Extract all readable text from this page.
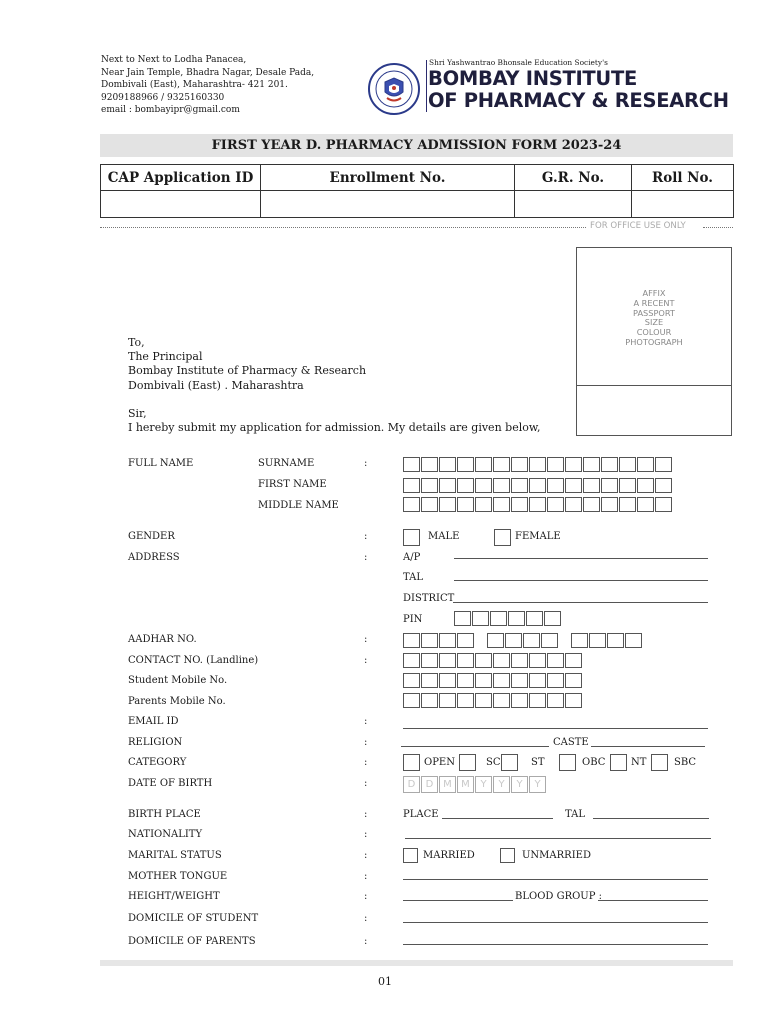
Next to Next to Lodha Panacea,
Near Jain Temple, Bhadra Nagar, Desale Pada,
Dombivali (East), Maharashtra- 421 201.
9209188966 / 9325160330
email : bombayipr@gmail.com
Shri Yashwantrao Bhonsale Education Society's
BOMBAY INSTITUTE
OF PHARMACY & RESEARCH
FIRST YEAR D. PHARMACY ADMISSION FORM 2023-24
CAP Application ID	Enrollment No.	G.R. No.	Roll No.

FOR OFFICE USE ONLY
AFFIX
A RECENT
PASSPORT
SIZE
COLOUR
PHOTOGRAPH
To,
The Principal
Bombay Institute of Pharmacy & Research
Dombivali (East) . Maharashtra
Sir,
I hereby submit my application for admission. My details are given below,
FULL NAME	SURNAME	:
FIRST NAME
MIDDLE NAME
GENDER	:	MALE	FEMALE
ADDRESS	:	A/P
TAL
DISTRICT
PIN
AADHAR NO.	:
CONTACT NO. (Landline)	:
Student Mobile No.
Parents Mobile No.
EMAIL ID	:
RELIGION	:	CASTE
CATEGORY	:	OPEN	SC	ST	OBC	NT	SBC
DATE OF BIRTH	:	D	D M M	Y	Y	Y	Y
BIRTH PLACE	:	PLACE	TAL
NATIONALITY	:
MARITAL STATUS	:	MARRIED	UNMARRIED
MOTHER TONGUE	:
HEIGHT/WEIGHT	:	BLOOD GROUP :
DOMICILE OF STUDENT	:
DOMICILE OF PARENTS	:
01
